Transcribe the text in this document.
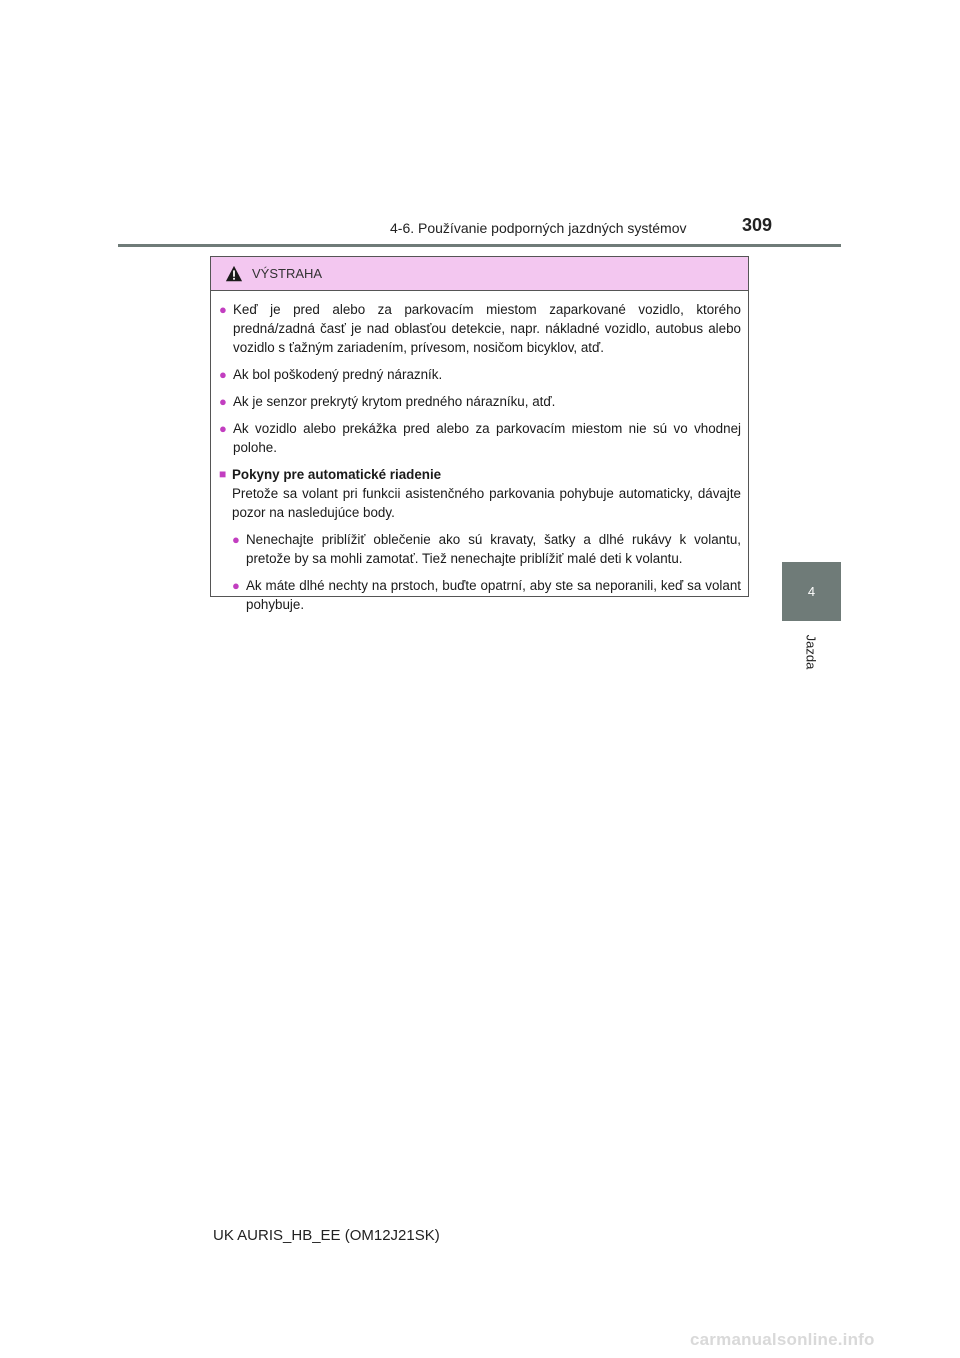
4-6. Používanie podporných jazdných systémov	309
4
Jazda
VÝSTRAHA
● Keď je pred alebo za parkovacím miestom zaparkované vozidlo, ktorého predná/zadná časť je nad oblasťou detekcie, napr. nákladné vozidlo, autobus alebo vozidlo s ťažným zariadením, prívesom, nosičom bicyklov, atď.
● Ak bol poškodený predný nárazník.
● Ak je senzor prekrytý krytom predného nárazníku, atď.
● Ak vozidlo alebo prekážka pred alebo za parkovacím miestom nie sú vo vhodnej polohe.
■ Pokyny pre automatické riadenie
Pretože sa volant pri funkcii asistenčného parkovania pohybuje automaticky, dávajte pozor na nasledujúce body.
● Nenechajte priblížiť oblečenie ako sú kravaty, šatky a dlhé rukávy k volantu, pretože by sa mohli zamotať. Tiež nenechajte priblížiť malé deti k volantu.
● Ak máte dlhé nechty na prstoch, buďte opatrní, aby ste sa neporanili, keď sa volant pohybuje.
UK AURIS_HB_EE (OM12J21SK)
carmanualsonline.info
